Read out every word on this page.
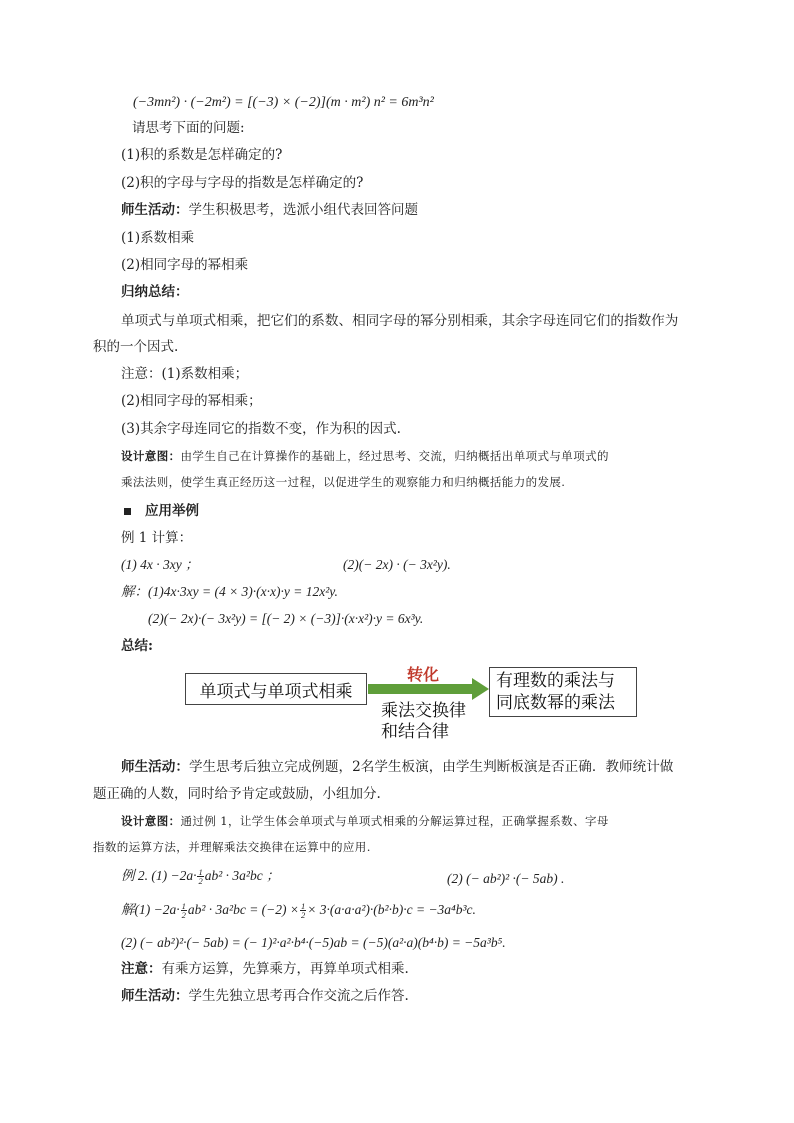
(−3mn²) · (−2m²) = [(−3) × (−2)](m · m²) n² = 6m³n²
请思考下面的问题:
(1)积的系数是怎样确定的?
(2)积的字母与字母的指数是怎样确定的?
师生活动：学生积极思考，选派小组代表回答问题
(1)系数相乘
(2)相同字母的幂相乘
归纳总结：
单项式与单项式相乘，把它们的系数、相同字母的幂分别相乘，其余字母连同它们的指数作为
积的一个因式.
注意：(1)系数相乘；
(2)相同字母的幂相乘；
(3)其余字母连同它的指数不变，作为积的因式.
设计意图：由学生自己在计算操作的基础上，经过思考、交流，归纳概括出单项式与单项式的
乘法法则，使学生真正经历这一过程，以促进学生的观察能力和归纳概括能力的发展.
应用举例
例 1 计算：
(1) 4x · 3xy ；	(2)(− 2x) · (− 3x²y).
解：(1)4x·3xy = (4 × 3)·(x·x)·y = 12x²y.
(2)(− 2x)·(− 3x²y) = [(− 2) × (−3)]·(x·x²)·y = 6x³y.
总结:
单项式与单项式相乘
转化
乘法交换律
和结合律
有理数的乘法与
同底数幂的乘法
师生活动：学生思考后独立完成例题，2名学生板演，由学生判断板演是否正确．教师统计做
题正确的人数，同时给予肯定或鼓励，小组加分.
设计意图：通过例 1，让学生体会单项式与单项式相乘的分解运算过程，正确掌握系数、字母
指数的运算方法，并理解乘法交换律在运算中的应用.
例 2. $(1) -2a\cdot \frac{1}{2} ab^2 \cdot 3a^2bc$ ；	(2) (− ab²)² ·(− 5ab) .
解$(1) -2a\cdot \frac{1}{2} ab^2 \cdot 3a^2bc = (-2) \times \frac{1}{2} \times 3\cdot(a\cdot a\cdot a^2)\cdot(b^2\cdot b)\cdot c = -3a^4b^3c$.
(2) (− ab²)²·(− 5ab) = (− 1)²·a²·b⁴·(−5)ab = (−5)(a²·a)(b⁴·b) = −5a³b⁵.
注意：有乘方运算，先算乘方，再算单项式相乘.
师生活动：学生先独立思考再合作交流之后作答.
